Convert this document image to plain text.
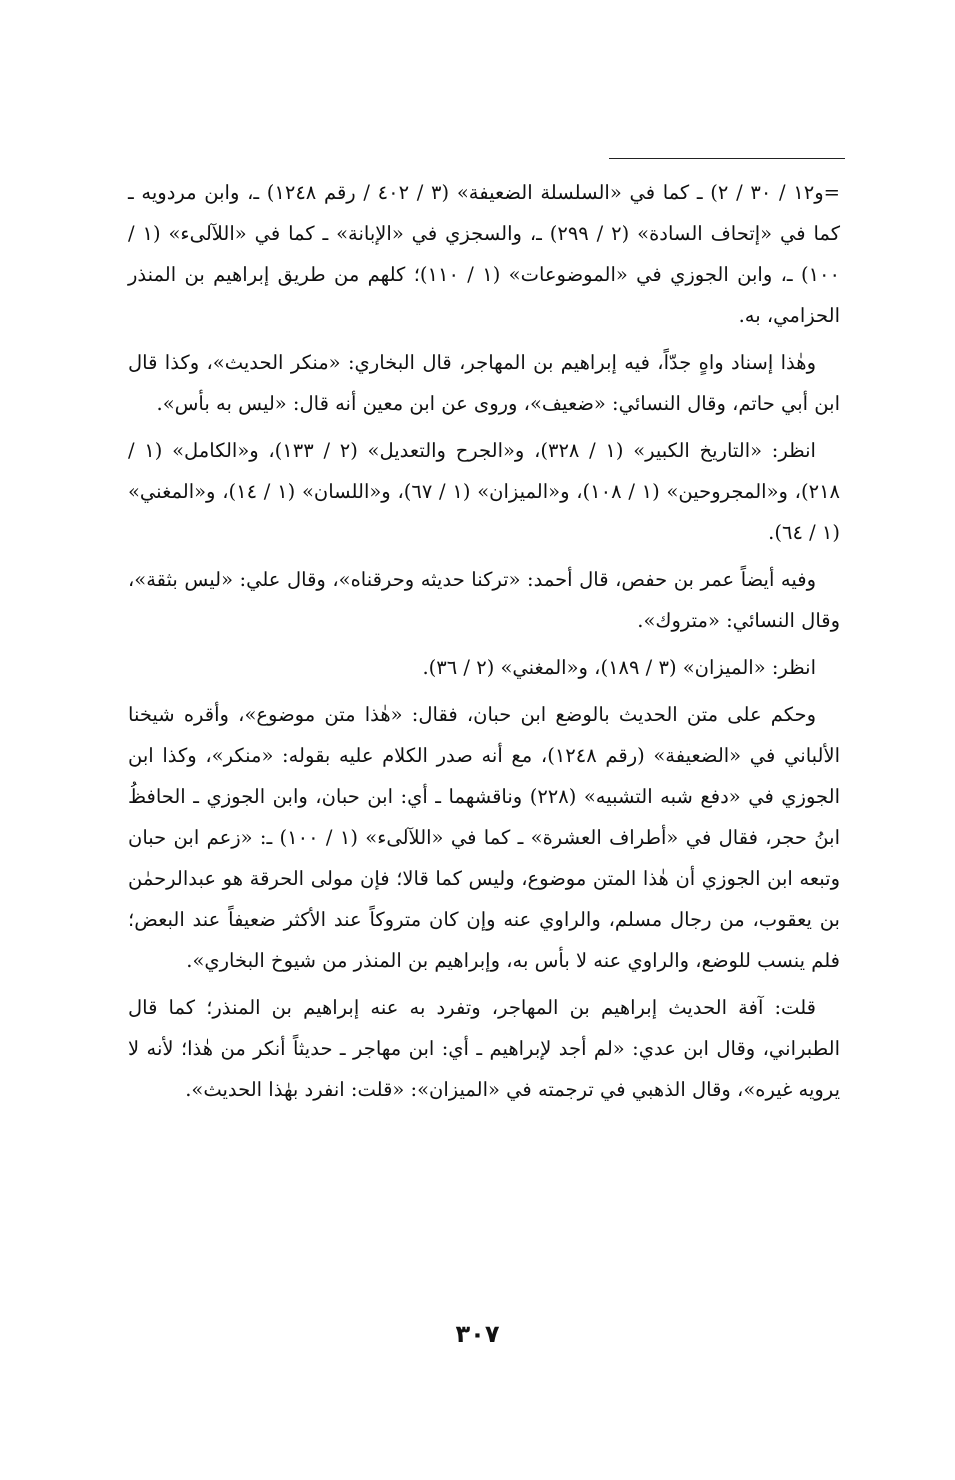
=و١٢ / ٣٠ / ٢) ـ كما في «السلسلة الضعيفة» (٣ / ٤٠٢ / رقم ١٢٤٨) ـ، وابن مردويه ـ كما في «إتحاف السادة» (٢ / ٢٩٩) ـ، والسجزي في «الإبانة» ـ كما في «اللآلىء» (١ / ١٠٠) ـ، وابن الجوزي في «الموضوعات» (١ / ١١٠)؛ كلهم من طريق إبراهيم بن المنذر الحزامي، به.

وهٰذا إسناد واهٍ جدّاً، فيه إبراهيم بن المهاجر، قال البخاري: «منكر الحديث»، وكذا قال ابن أبي حاتم، وقال النسائي: «ضعيف»، وروى عن ابن معين أنه قال: «ليس به بأس».

انظر: «التاريخ الكبير» (١ / ٣٢٨)، و«الجرح والتعديل» (٢ / ١٣٣)، و«الكامل» (١ / ٢١٨)، و«المجروحين» (١ / ١٠٨)، و«الميزان» (١ / ٦٧)، و«اللسان» (١ / ١٤)، و«المغني» (١ / ٦٤).

وفيه أيضاً عمر بن حفص، قال أحمد: «تركنا حديثه وحرقناه»، وقال علي: «ليس بثقة»، وقال النسائي: «متروك».

انظر: «الميزان» (٣ / ١٨٩)، و«المغني» (٢ / ٣٦).

وحكم على متن الحديث بالوضع ابن حبان، فقال: «هٰذا متن موضوع»، وأقره شيخنا الألباني في «الضعيفة» (رقم ١٢٤٨)، مع أنه صدر الكلام عليه بقوله: «منكر»، وكذا ابن الجوزي في «دفع شبه التشبيه» (٢٢٨) وناقشهما ـ أي: ابن حبان، وابن الجوزي ـ الحافظُ ابنُ حجر، فقال في «أطراف العشرة» ـ كما في «اللآلىء» (١ / ١٠٠) ـ: «زعم ابن حبان وتبعه ابن الجوزي أن هٰذا المتن موضوع، وليس كما قالا؛ فإن مولى الحرقة هو عبدالرحمٰن بن يعقوب، من رجال مسلم، والراوي عنه وإن كان متروكاً عند الأكثر ضعيفاً عند البعض؛ فلم ينسب للوضع، والراوي عنه لا بأس به، وإبراهيم بن المنذر من شيوخ البخاري».

قلت: آفة الحديث إبراهيم بن المهاجر، وتفرد به عنه إبراهيم بن المنذر؛ كما قال الطبراني، وقال ابن عدي: «لم أجد لإبراهيم ـ أي: ابن مهاجر ـ حديثاً أنكر من هٰذا؛ لأنه لا يرويه غيره»، وقال الذهبي في ترجمته في «الميزان»: «قلت: انفرد بهٰذا الحديث».

٣٠٧
